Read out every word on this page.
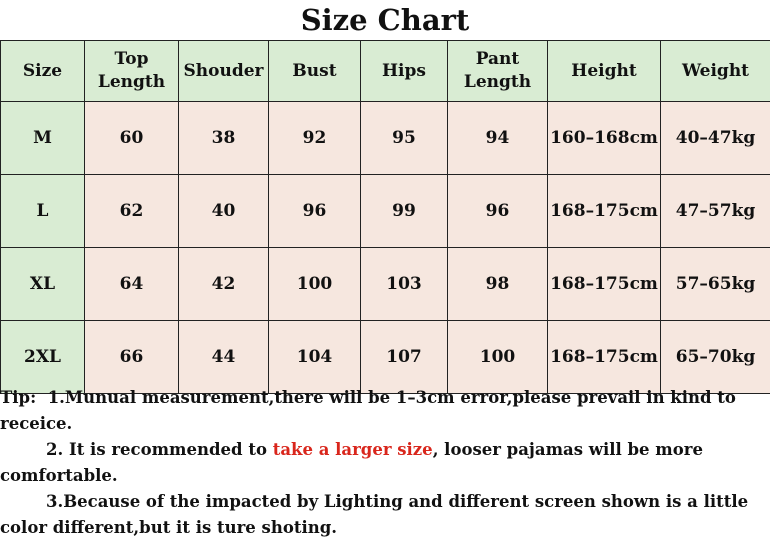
Size Chart
Size	Top Length	Shouder	Bust	Hips	Pant Length	Height	Weight
M	60	38	92	95	94	160–168cm	40–47kg
L	62	40	96	99	96	168–175cm	47–57kg
XL	64	42	100	103	98	168–175cm	57–65kg
2XL	66	44	104	107	100	168–175cm	65–70kg

Tip: 1.Munual measurement,there will be 1–3cm error,please prevail in kind to

receice.

2. It is recommended to take a larger size, looser pajamas will be more

comfortable.

3.Because of the impacted by Lighting and different screen shown is a little

color different,but it is ture shoting.
